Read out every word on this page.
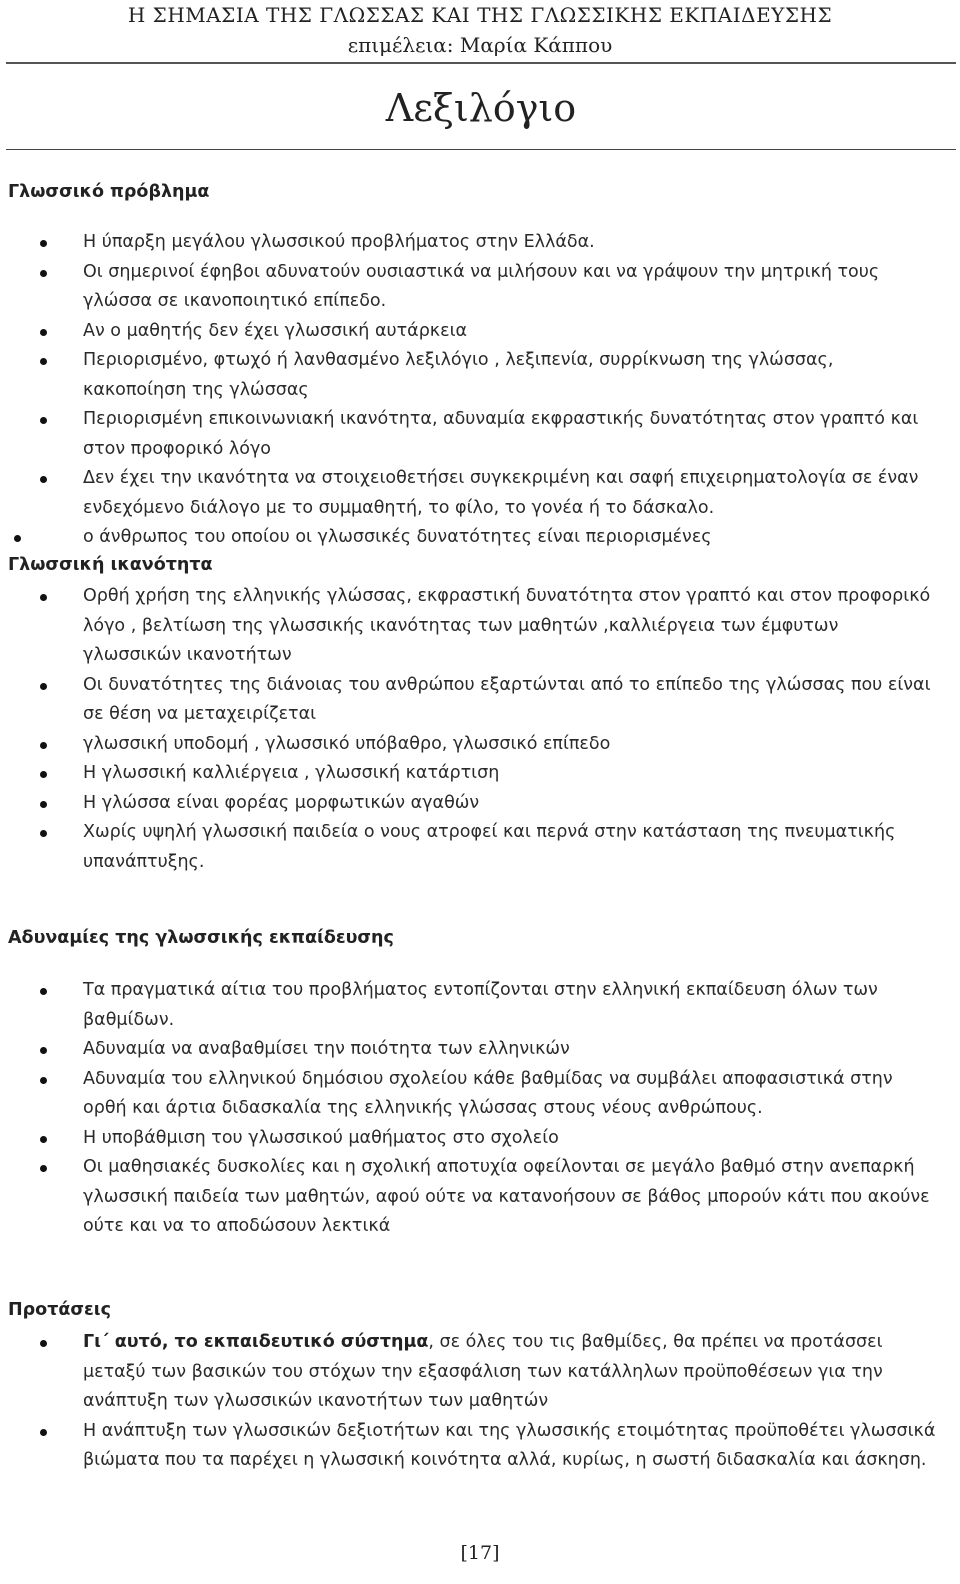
Η ΣΗΜΑΣΙΑ ΤΗΣ ΓΛΩΣΣΑΣ ΚΑΙ ΤΗΣ ΓΛΩΣΣΙΚΗΣ ΕΚΠΑΙΔΕΥΣΗΣ
επιμέλεια: Μαρία Κάππου
Λεξιλόγιο
Γλωσσικό πρόβλημα
Η ύπαρξη μεγάλου γλωσσικού προβλήματος στην Ελλάδα.
Οι σημερινοί έφηβοι αδυνατούν ουσιαστικά να μιλήσουν και να γράψουν την μητρική τους γλώσσα σε ικανοποιητικό επίπεδο.
Αν ο μαθητής δεν έχει γλωσσική αυτάρκεια
Περιορισμένο, φτωχό ή λανθασμένο λεξιλόγιο , λεξιπενία, συρρίκνωση της γλώσσας, κακοποίηση της γλώσσας
Περιορισμένη επικοινωνιακή ικανότητα, αδυναμία εκφραστικής δυνατότητας στον γραπτό και στον προφορικό λόγο
Δεν έχει την ικανότητα να στοιχειοθετήσει συγκεκριμένη και σαφή επιχειρηματολογία σε έναν ενδεχόμενο διάλογο με το συμμαθητή, το φίλο, το γονέα ή το δάσκαλο.
ο άνθρωπος του οποίου οι γλωσσικές δυνατότητες είναι περιορισμένες
Γλωσσική ικανότητα
Ορθή χρήση της ελληνικής γλώσσας, εκφραστική δυνατότητα στον γραπτό και στον προφορικό λόγο , βελτίωση της γλωσσικής ικανότητας των μαθητών ,καλλιέργεια των έμφυτων γλωσσικών ικανοτήτων
Οι δυνατότητες της διάνοιας του ανθρώπου εξαρτώνται από το επίπεδο της γλώσσας που είναι σε θέση να μεταχειρίζεται
γλωσσική υποδομή , γλωσσικό υπόβαθρο, γλωσσικό επίπεδο
Η γλωσσική καλλιέργεια , γλωσσική κατάρτιση
Η γλώσσα είναι φορέας μορφωτικών αγαθών
Χωρίς υψηλή γλωσσική παιδεία ο νους ατροφεί και περνά στην κατάσταση της πνευματικής υπανάπτυξης.
Αδυναμίες της γλωσσικής εκπαίδευσης
Τα πραγματικά αίτια του προβλήματος εντοπίζονται στην ελληνική εκπαίδευση όλων των βαθμίδων.
Αδυναμία να αναβαθμίσει την ποιότητα των ελληνικών
Αδυναμία του ελληνικού δημόσιου σχολείου κάθε βαθμίδας να συμβάλει αποφασιστικά στην ορθή και άρτια διδασκαλία της ελληνικής γλώσσας στους νέους ανθρώπους.
Η υποβάθμιση του γλωσσικού μαθήματος στο σχολείο
Οι μαθησιακές δυσκολίες και η σχολική αποτυχία οφείλονται σε μεγάλο βαθμό στην ανεπαρκή γλωσσική παιδεία των μαθητών, αφού ούτε να κατανοήσουν σε βάθος μπορούν κάτι που ακούνε ούτε και να το αποδώσουν λεκτικά
Προτάσεις
Γι΄ αυτό, το εκπαιδευτικό σύστημα, σε όλες του τις βαθμίδες, θα πρέπει να προτάσσει μεταξύ των βασικών του στόχων την εξασφάλιση των κατάλληλων προϋποθέσεων για την ανάπτυξη των γλωσσικών ικανοτήτων των μαθητών
Η ανάπτυξη των γλωσσικών δεξιοτήτων και της γλωσσικής ετοιμότητας προϋποθέτει γλωσσικά βιώματα που τα παρέχει η γλωσσική κοινότητα αλλά, κυρίως, η σωστή διδασκαλία και άσκηση.
[17]
